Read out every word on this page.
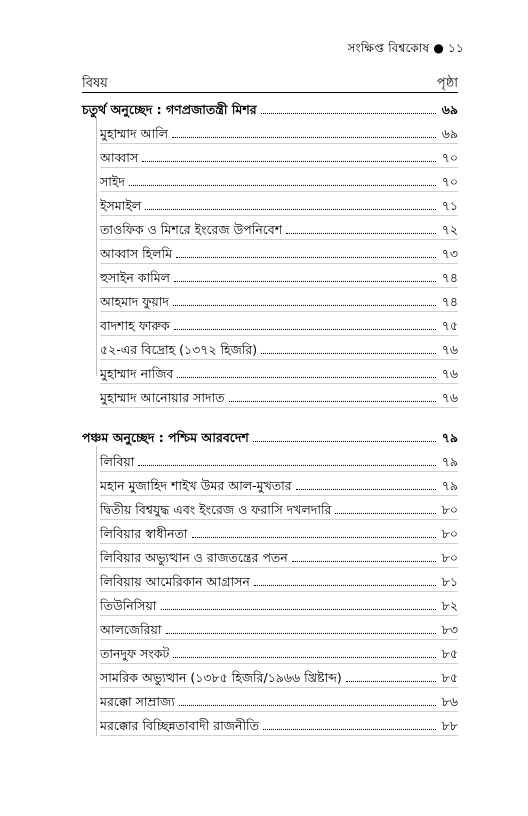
সংক্ষিপ্ত বিশ্বকোষ ● ১১
বিষয়	পৃষ্ঠা
চতুর্থ অনুচ্ছেদ : গণপ্রজাতন্ত্রী মিশর	৬৯
মুহাম্মাদ আলি	৬৯
আব্বাস	৭০
সাইদ	৭০
ইসমাইল	৭১
তাওফিক ও মিশরে ইংরেজ উপনিবেশ	৭২
আব্বাস হিলমি	৭৩
হুসাইন কামিল	৭৪
আহমাদ ফুয়াদ	৭৪
বাদশাহ ফারুক	৭৫
৫২-এর বিদ্রোহ (১৩৭২ হিজরি)	৭৬
মুহাম্মাদ নাজিব	৭৬
মুহাম্মাদ আনোয়ার সাদাত	৭৬
পঞ্চম অনুচ্ছেদ : পশ্চিম আরবদেশ	৭৯
লিবিয়া	৭৯
মহান মুজাহিদ শাইখ উমর আল-মুখতার	৭৯
দ্বিতীয় বিশ্বযুদ্ধ এবং ইংরেজ ও ফরাসি দখলদারি	৮০
লিবিয়ার স্বাধীনতা	৮০
লিবিয়ার অভ্যুত্থান ও রাজতন্ত্রের পতন	৮০
লিবিয়ায় আমেরিকান আগ্রাসন	৮১
তিউনিসিয়া	৮২
আলজেরিয়া	৮৩
তানদুফ সংকট	৮৫
সামরিক অভ্যুত্থান (১৩৮৫ হিজরি/১৯৬৬ খ্রিষ্টাব্দ)	৮৫
মরক্কো সাম্রাজ্য	৮৬
মরক্কোর বিচ্ছিন্নতাবাদী রাজনীতি	৮৮
